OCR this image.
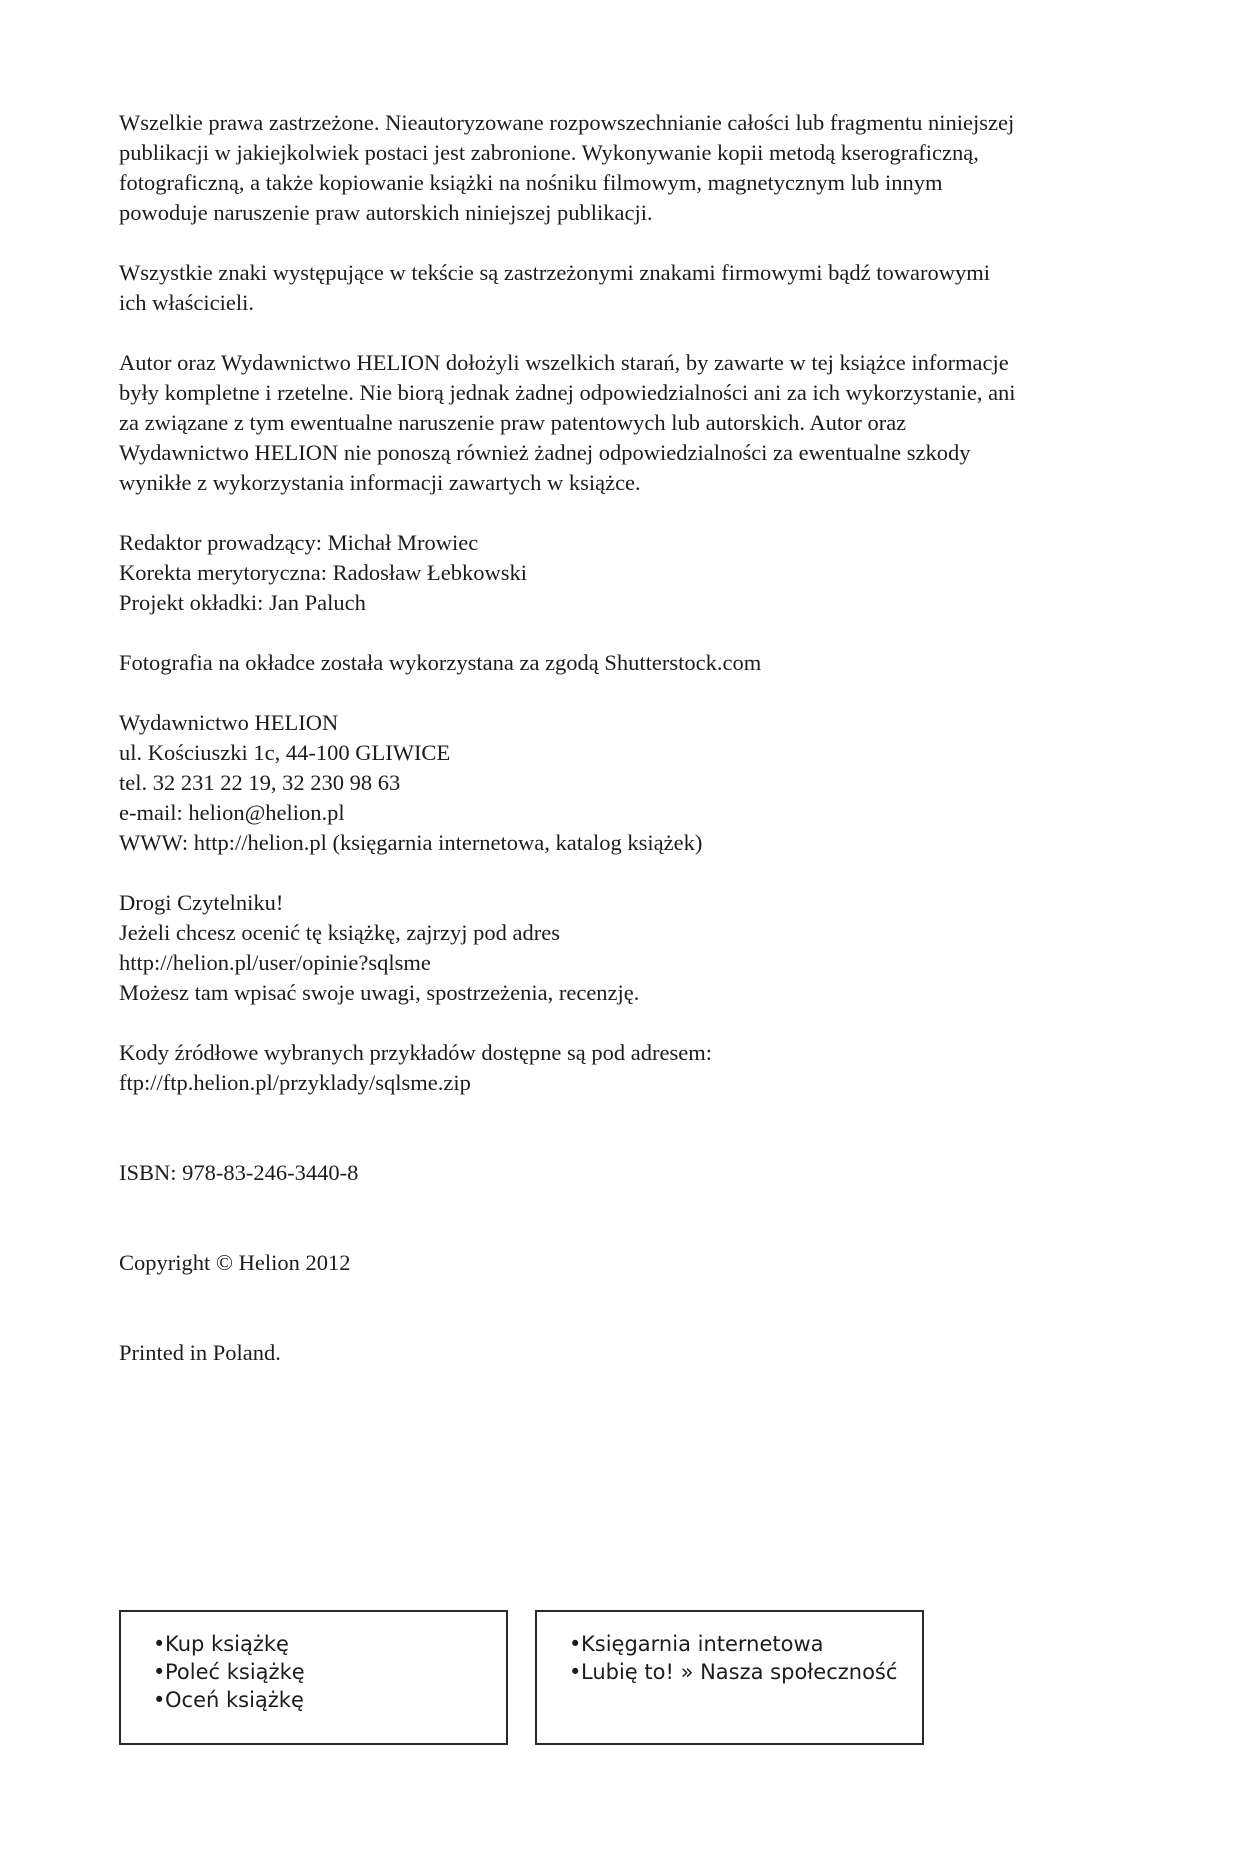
Wszelkie prawa zastrzeżone. Nieautoryzowane rozpowszechnianie całości lub fragmentu niniejszej
publikacji w jakiejkolwiek postaci jest zabronione. Wykonywanie kopii metodą kserograficzną,
fotograficzną, a także kopiowanie książki na nośniku filmowym, magnetycznym lub innym
powoduje naruszenie praw autorskich niniejszej publikacji.

Wszystkie znaki występujące w tekście są zastrzeżonymi znakami firmowymi bądź towarowymi
ich właścicieli.

Autor oraz Wydawnictwo HELION dołożyli wszelkich starań, by zawarte w tej książce informacje
były kompletne i rzetelne. Nie biorą jednak żadnej odpowiedzialności ani za ich wykorzystanie, ani
za związane z tym ewentualne naruszenie praw patentowych lub autorskich. Autor oraz
Wydawnictwo HELION nie ponoszą również żadnej odpowiedzialności za ewentualne szkody
wynikłe z wykorzystania informacji zawartych w książce.

Redaktor prowadzący: Michał Mrowiec
Korekta merytoryczna: Radosław Łebkowski
Projekt okładki: Jan Paluch

Fotografia na okładce została wykorzystana za zgodą Shutterstock.com

Wydawnictwo HELION
ul. Kościuszki 1c, 44-100 GLIWICE
tel. 32 231 22 19, 32 230 98 63
e-mail: helion@helion.pl
WWW: http://helion.pl (księgarnia internetowa, katalog książek)

Drogi Czytelniku!
Jeżeli chcesz ocenić tę książkę, zajrzyj pod adres
http://helion.pl/user/opinie?sqlsme
Możesz tam wpisać swoje uwagi, spostrzeżenia, recenzję.

Kody źródłowe wybranych przykładów dostępne są pod adresem:
ftp://ftp.helion.pl/przyklady/sqlsme.zip

ISBN: 978-83-246-3440-8

Copyright © Helion 2012

Printed in Poland.

•Kup książkę
•Poleć książkę
•Oceń książkę
•Księgarnia internetowa
•Lubię to! » Nasza społeczność
